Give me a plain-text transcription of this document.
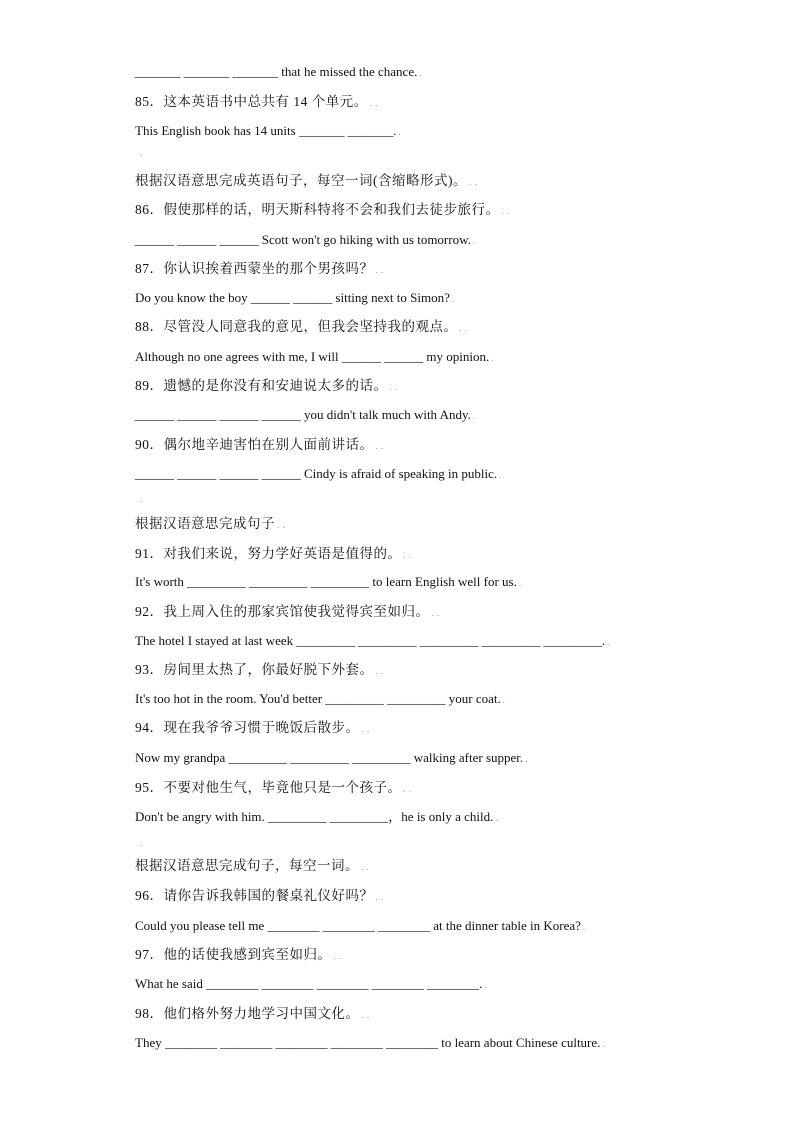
_______ _______ _______ that he missed the chance. .
85．这本英语书中总共有 14 个单元。 . .
This English book has 14 units _______ _______. .
根据汉语意思完成英语句子，每空一词(含缩略形式)。 . .
86．假使那样的话，明天斯科特将不会和我们去徒步旅行。 . .
______ ______ ______ Scott won't go hiking with us tomorrow. .
87．你认识挨着西蒙坐的那个男孩吗？ . .
Do you know the boy ______ ______ sitting next to Simon? .
88．尽管没人同意我的意见，但我会坚持我的观点。 . .
Although no one agrees with me, I will ______ ______ my opinion. .
89．遗憾的是你没有和安迪说太多的话。 . .
______ ______ ______ ______ you didn't talk much with Andy. .
90．偶尔地辛迪害怕在别人面前讲话。 . .
______ ______ ______ ______ Cindy is afraid of speaking in public. .
根据汉语意思完成句子 . .
91．对我们来说，努力学好英语是值得的。 . .
It's worth _________ _________ _________ to learn English well for us. .
92．我上周入住的那家宾馆使我觉得宾至如归。 . .
The hotel I stayed at last week _________ _________ _________ _________ _________. .
93．房间里太热了，你最好脱下外套。 . .
It's too hot in the room. You'd better _________ _________ your coat. .
94．现在我爷爷习惯于晚饭后散步。 . .
Now my grandpa _________ _________ _________ walking after supper. .
95．不要对他生气，毕竟他只是一个孩子。 . .
Don't be angry with him. _________ _________，he is only a child. .
根据汉语意思完成句子，每空一词。 . .
96．请你告诉我韩国的餐桌礼仪好吗？ . .
Could you please tell me ________ ________ ________ at the dinner table in Korea? .
97．他的话使我感到宾至如归。 . .
What he said ________ ________ ________ ________ ________. .
98．他们格外努力地学习中国文化。 . .
They ________ ________ ________ ________ ________ to learn about Chinese culture. .
.
.
.
